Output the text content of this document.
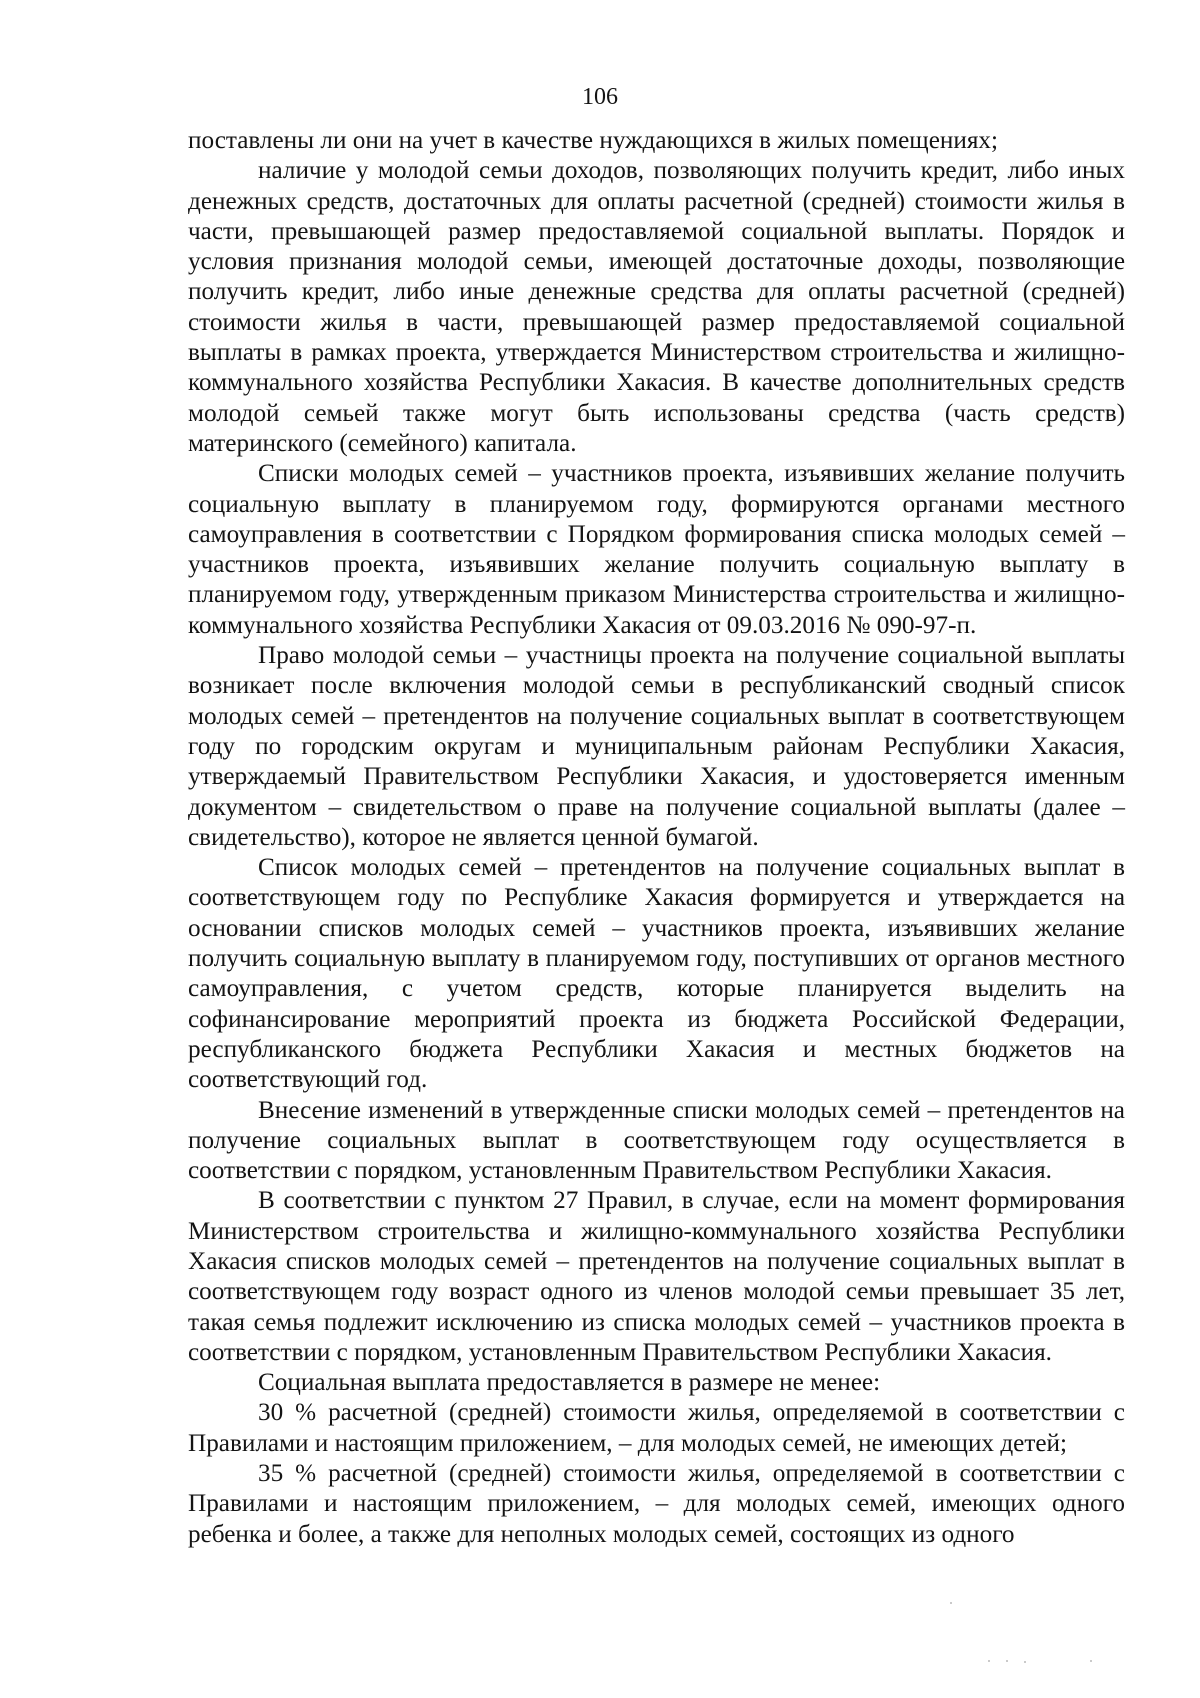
106

поставлены ли они на учет в качестве нуждающихся в жилых помещениях;

наличие у молодой семьи доходов, позволяющих получить кредит, либо иных денежных средств, достаточных для оплаты расчетной (средней) стоимости жилья в части, превышающей размер предоставляемой социальной выплаты. Порядок и условия признания молодой семьи, имеющей достаточные доходы, позволяющие получить кредит, либо иные денежные средства для оплаты расчетной (средней) стоимости жилья в части, превышающей размер предоставляемой социальной выплаты в рамках проекта, утверждается Министерством строительства и жилищно-коммунального хозяйства Республики Хакасия. В качестве дополнительных средств молодой семьей также могут быть использованы средства (часть средств) материнского (семейного) капитала.

Списки молодых семей – участников проекта, изъявивших желание получить социальную выплату в планируемом году, формируются органами местного самоуправления в соответствии с Порядком формирования списка молодых семей – участников проекта, изъявивших желание получить социальную выплату в планируемом году, утвержденным приказом Министерства строительства и жилищно-коммунального хозяйства Республики Хакасия от 09.03.2016 № 090-97-п.

Право молодой семьи – участницы проекта на получение социальной выплаты возникает после включения молодой семьи в республиканский сводный список молодых семей – претендентов на получение социальных выплат в соответствующем году по городским округам и муниципальным районам Республики Хакасия, утверждаемый Правительством Республики Хакасия, и удостоверяется именным документом – свидетельством о праве на получение социальной выплаты (далее – свидетельство), которое не является ценной бумагой.

Список молодых семей – претендентов на получение социальных выплат в соответствующем году по Республике Хакасия формируется и утверждается на основании списков молодых семей – участников проекта, изъявивших желание получить социальную выплату в планируемом году, поступивших от органов местного самоуправления, с учетом средств, которые планируется выделить на софинансирование мероприятий проекта из бюджета Российской Федерации, республиканского бюджета Республики Хакасия и местных бюджетов на соответствующий год.

Внесение изменений в утвержденные списки молодых семей – претендентов на получение социальных выплат в соответствующем году осуществляется в соответствии с порядком, установленным Правительством Республики Хакасия.

В соответствии с пунктом 27 Правил, в случае, если на момент формирования Министерством строительства и жилищно-коммунального хозяйства Республики Хакасия списков молодых семей – претендентов на получение социальных выплат в соответствующем году возраст одного из членов молодой семьи превышает 35 лет, такая семья подлежит исключению из списка молодых семей – участников проекта в соответствии с порядком, установленным Правительством Республики Хакасия.

Социальная выплата предоставляется в размере не менее:

30 % расчетной (средней) стоимости жилья, определяемой в соответствии с Правилами и настоящим приложением, – для молодых семей, не имеющих детей;

35 % расчетной (средней) стоимости жилья, определяемой в соответствии с Правилами и настоящим приложением, – для молодых семей, имеющих одного ребенка и более, а также для неполных молодых семей, состоящих из одного
